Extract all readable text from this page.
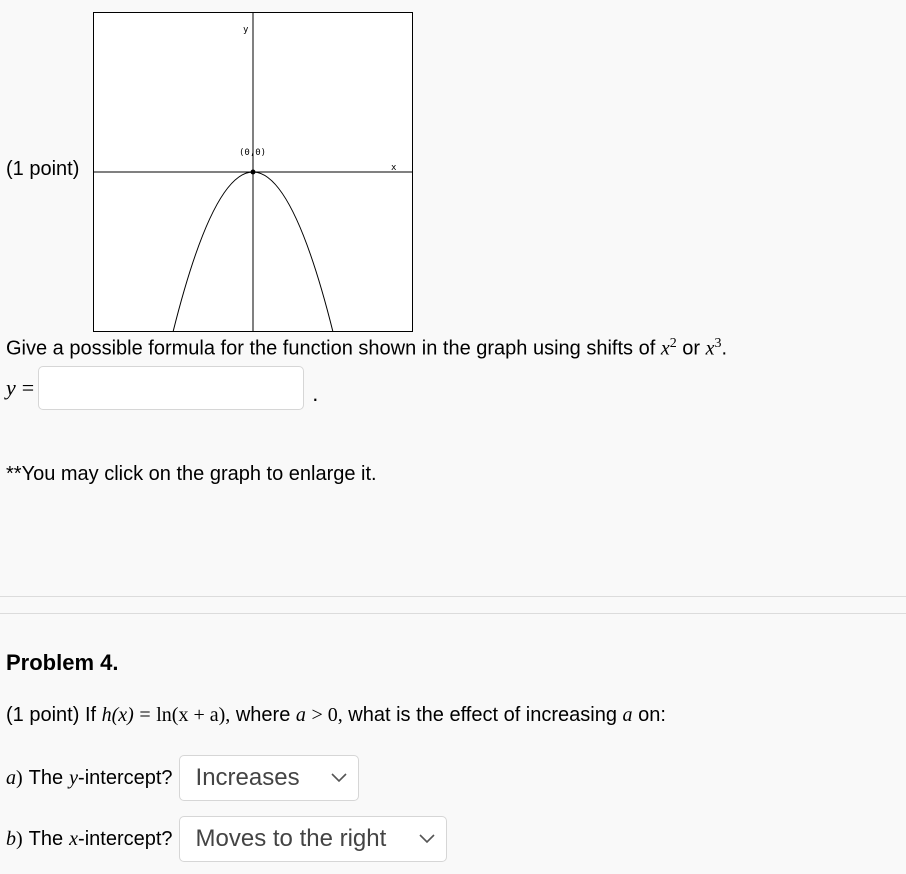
(1 point)
y
x
(0,0)
Give a possible formula for the function shown in the graph using shifts of $x^2$ or $x^3$.
y =	.
**You may click on the graph to enlarge it.
Problem 4.
(1 point) If h(x) = ln(x + a), where a > 0, what is the effect of increasing a on:
a ) The y -intercept? Increases
b ) The x -intercept? Moves to the right
